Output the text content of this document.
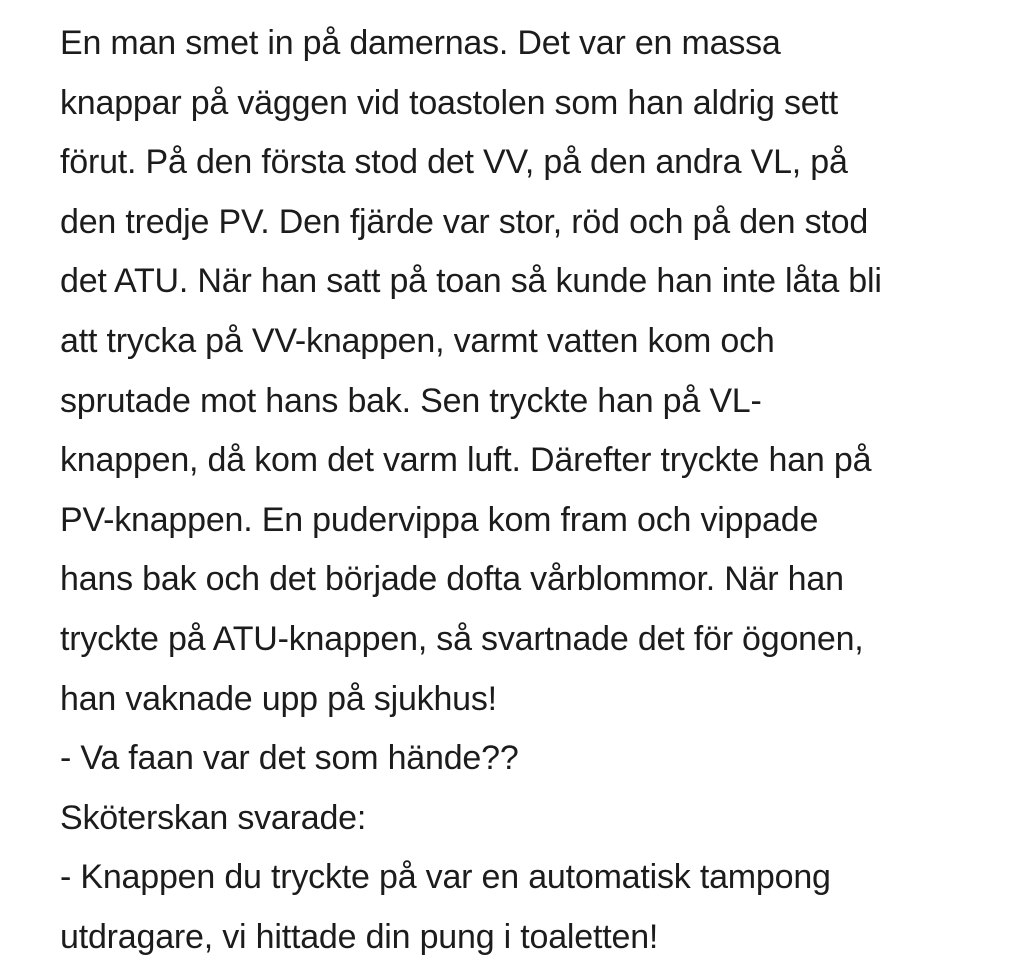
En man smet in på damernas. Det var en massa
knappar på väggen vid toastolen som han aldrig sett
förut. På den första stod det VV, på den andra VL, på
den tredje PV. Den fjärde var stor, röd och på den stod
det ATU. När han satt på toan så kunde han inte låta bli
att trycka på VV-knappen, varmt vatten kom och
sprutade mot hans bak. Sen tryckte han på VL-
knappen, då kom det varm luft. Därefter tryckte han på
PV-knappen. En pudervippa kom fram och vippade
hans bak och det började dofta vårblommor. När han
tryckte på ATU-knappen, så svartnade det för ögonen,
han vaknade upp på sjukhus!
- Va faan var det som hände??
Sköterskan svarade:
- Knappen du tryckte på var en automatisk tampong
utdragare, vi hittade din pung i toaletten!
